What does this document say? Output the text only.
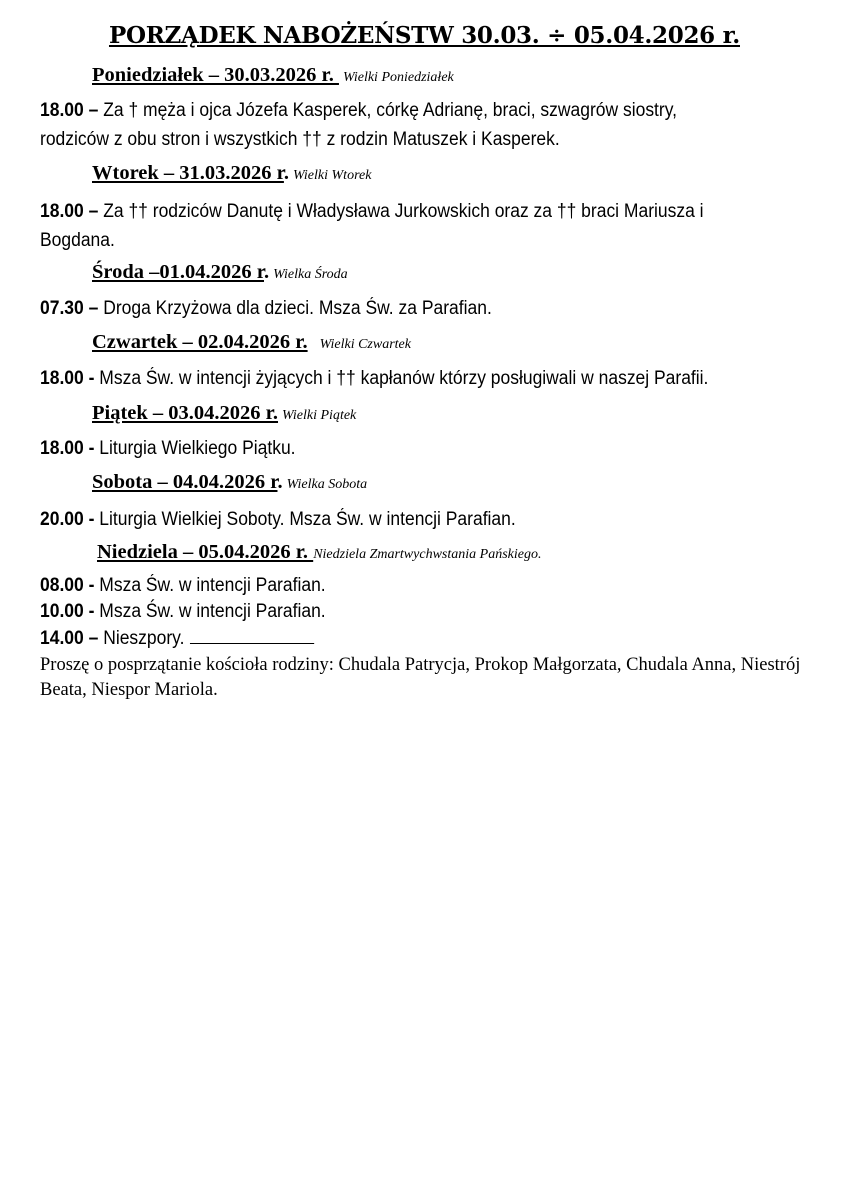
PORZĄDEK NABOŻEŃSTW 30.03. ÷ 05.04.2026 r.
Poniedziałek – 30.03.2026 r. Wielki Poniedziałek
18.00 – Za † męża i ojca Józefa Kasperek, córkę Adrianę, braci, szwagrów siostry, rodziców z obu stron i wszystkich †† z rodzin Matuszek i Kasperek.
Wtorek – 31.03.2026 r. Wielki Wtorek
18.00 – Za †† rodziców Danutę i Władysława Jurkowskich oraz za †† braci Mariusza i Bogdana.
Środa –01.04.2026 r. Wielka Środa
07.30 – Droga Krzyżowa dla dzieci. Msza Św. za Parafian.
Czwartek – 02.04.2026 r. Wielki Czwartek
18.00 - Msza Św. w intencji żyjących i †† kapłanów którzy posługiwali w naszej Parafii.
Piątek – 03.04.2026 r. Wielki Piątek
18.00 - Liturgia Wielkiego Piątku.
Sobota – 04.04.2026 r. Wielka Sobota
20.00 - Liturgia Wielkiej Soboty. Msza Św. w intencji Parafian.
Niedziela – 05.04.2026 r. Niedziela Zmartwychwstania Pańskiego.
08.00 - Msza Św. w intencji Parafian.
10.00 - Msza Św. w intencji Parafian.
14.00 – Nieszpory.
Proszę o posprzątanie kościoła rodziny: Chudala Patrycja, Prokop Małgorzata, Chudala Anna, Niestrój Beata, Niespor Mariola.
